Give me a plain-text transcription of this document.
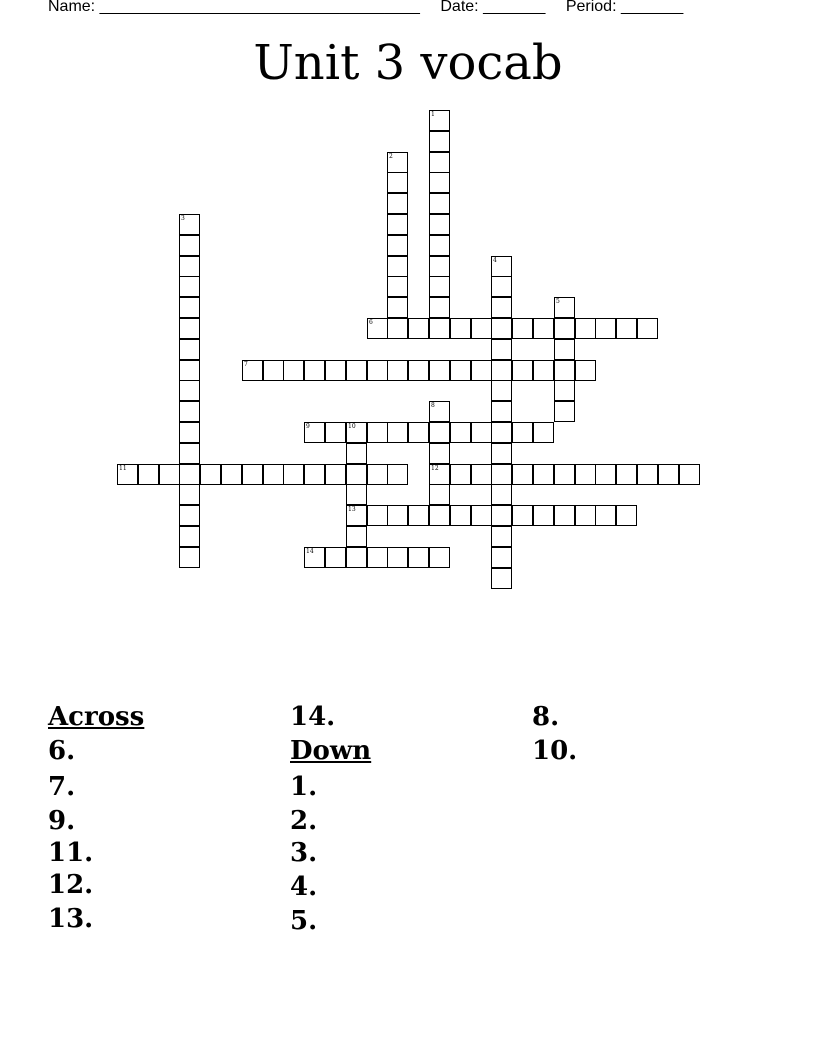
Name: ____________________________________ Date: _______ Period: _______
Unit 3 vocab
6
7
9	10
11	12
13
14
1
2
3
4
5
8
Across
6.
7.
9.
11.
12.
13.
14.
Down
1.
2.
3.
4.
5.
8.
10.
